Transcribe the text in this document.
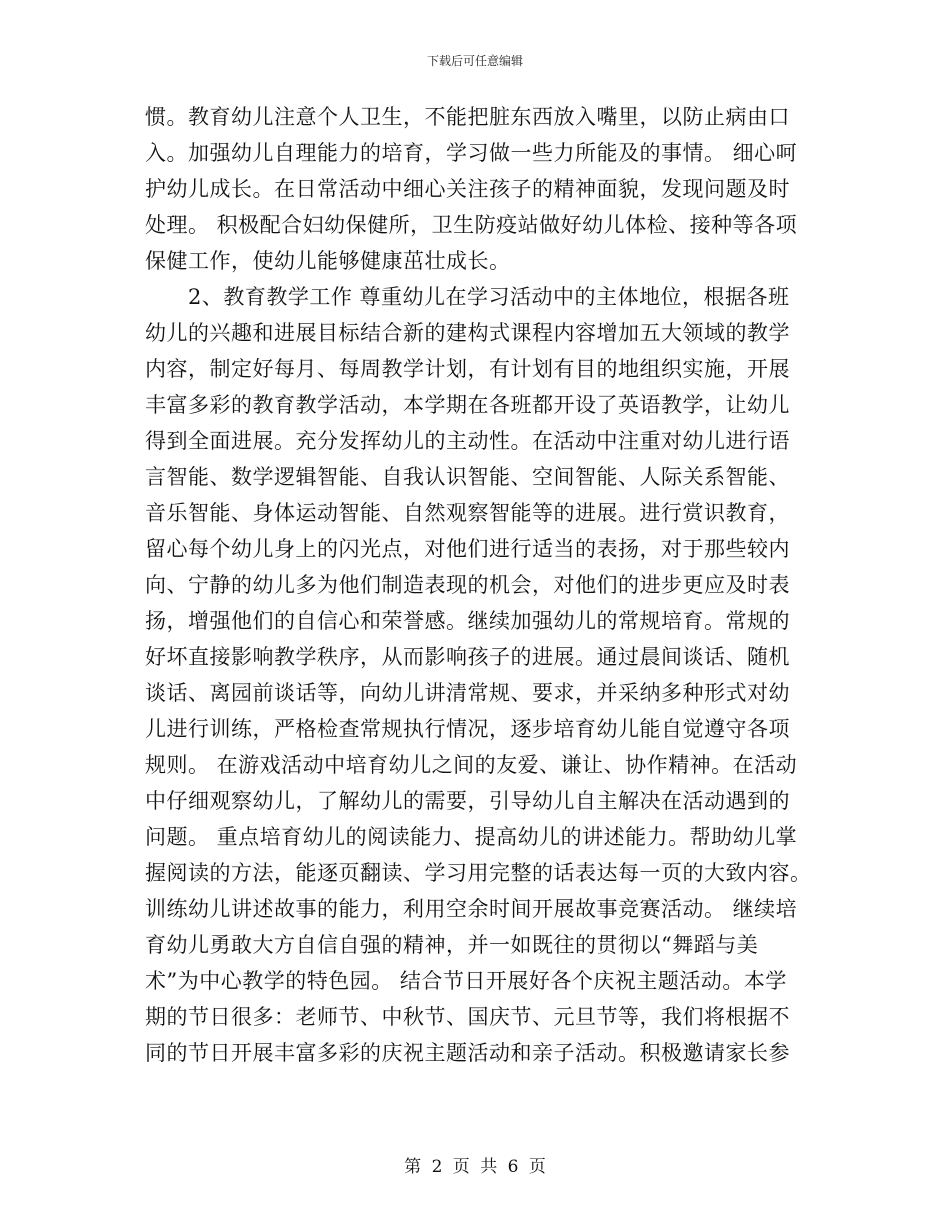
下载后可任意编辑
惯。教育幼儿注意个人卫生，不能把脏东西放入嘴里，以防止病由口
入。加强幼儿自理能力的培育，学习做一些力所能及的事情。 细心呵
护幼儿成长。在日常活动中细心关注孩子的精神面貌，发现问题及时
处理。 积极配合妇幼保健所，卫生防疫站做好幼儿体检、接种等各项
保健工作，使幼儿能够健康茁壮成长。
2、教育教学工作 尊重幼儿在学习活动中的主体地位，根据各班
幼儿的兴趣和进展目标结合新的建构式课程内容增加五大领域的教学
内容，制定好每月、每周教学计划，有计划有目的地组织实施，开展
丰富多彩的教育教学活动，本学期在各班都开设了英语教学，让幼儿
得到全面进展。充分发挥幼儿的主动性。在活动中注重对幼儿进行语
言智能、数学逻辑智能、自我认识智能、空间智能、人际关系智能、
音乐智能、身体运动智能、自然观察智能等的进展。进行赏识教育，
留心每个幼儿身上的闪光点，对他们进行适当的表扬，对于那些较内
向、宁静的幼儿多为他们制造表现的机会，对他们的进步更应及时表
扬，增强他们的自信心和荣誉感。继续加强幼儿的常规培育。常规的
好坏直接影响教学秩序，从而影响孩子的进展。通过晨间谈话、随机
谈话、离园前谈话等，向幼儿讲清常规、要求，并采纳多种形式对幼
儿进行训练，严格检查常规执行情况，逐步培育幼儿能自觉遵守各项
规则。 在游戏活动中培育幼儿之间的友爱、谦让、协作精神。在活动
中仔细观察幼儿，了解幼儿的需要，引导幼儿自主解决在活动遇到的
问题。 重点培育幼儿的阅读能力、提高幼儿的讲述能力。帮助幼儿掌
握阅读的方法，能逐页翻读、学习用完整的话表达每一页的大致内容。
训练幼儿讲述故事的能力，利用空余时间开展故事竞赛活动。 继续培
育幼儿勇敢大方自信自强的精神，并一如既往的贯彻以“舞蹈与美
术”为中心教学的特色园。 结合节日开展好各个庆祝主题活动。本学
期的节日很多：老师节、中秋节、国庆节、元旦节等，我们将根据不
同的节日开展丰富多彩的庆祝主题活动和亲子活动。积极邀请家长参
第 2 页 共 6 页
